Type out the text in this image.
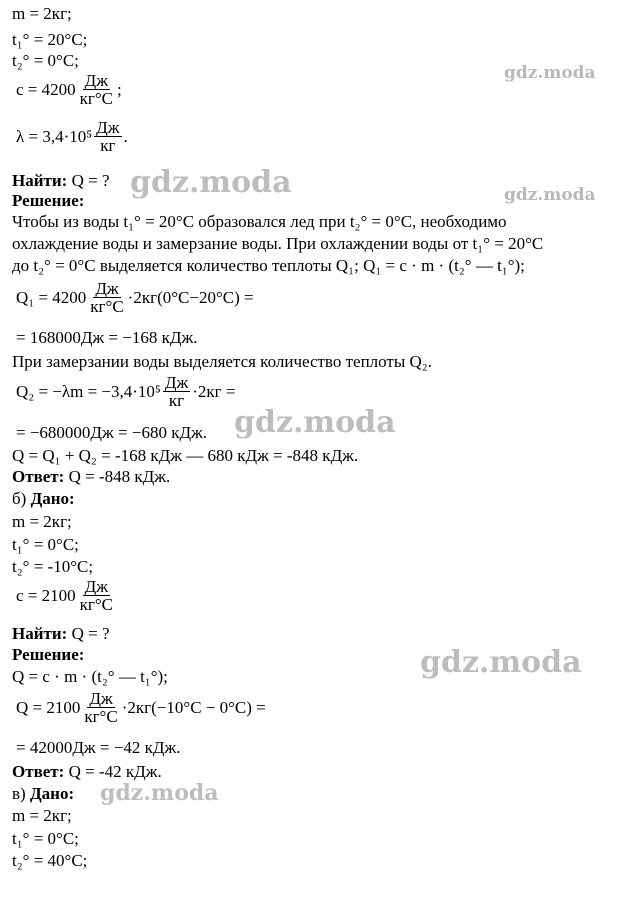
gdz.moda
gdz.moda	gdz.moda
gdz.moda
gdz.moda
gdz.moda
m = 2кг;
t₁° = 20°C;
t₂° = 0°C;
$c = 4200 \frac{Дж}{кг^\circ C}$ ;
$\lambda = 3,4\cdot 10^5 \frac{Дж}{кг}$ .
Найти: Q = ?
Решение:
Чтобы из воды t₁° = 20°C образовался лед при t₂° = 0°C, необходимо
охлаждение воды и замерзание воды. При охлаждении воды от t₁° = 20°C
до t₂° = 0°C выделяется количество теплоты Q₁; Q₁ = c · m · (t₂° — t₁°);
$Q_1 = 4200 \frac{Дж}{кг^\circ C} \cdot 2кг(0^\circ C-20^\circ C)$ =
= 168000Дж = −168 кДж.
При замерзании воды выделяется количество теплоты Q₂.
$Q_2 = -\lambda m = -3,4\cdot 10^5 \frac{Дж}{кг} \cdot 2кг$ =
= −680000Дж = −680 кДж.
Q = Q₁ + Q₂ = -168 кДж — 680 кДж = -848 кДж.
Ответ: Q = -848 кДж.
б) Дано:
m = 2кг;
t₁° = 0°C;
t₂° = -10°C;
$c = 2100 \frac{Дж}{кг^\circ C}$
Найти: Q = ?
Решение:
Q = c · m · (t₂° — t₁°);
$Q = 2100 \frac{Дж}{кг^\circ C} \cdot 2кг(-10^\circ C - 0^\circ C)$ =
= 42000Дж = −42 кДж.
Ответ: Q = -42 кДж.
в) Дано:
m = 2кг;
t₁° = 0°C;
t₂° = 40°C;
